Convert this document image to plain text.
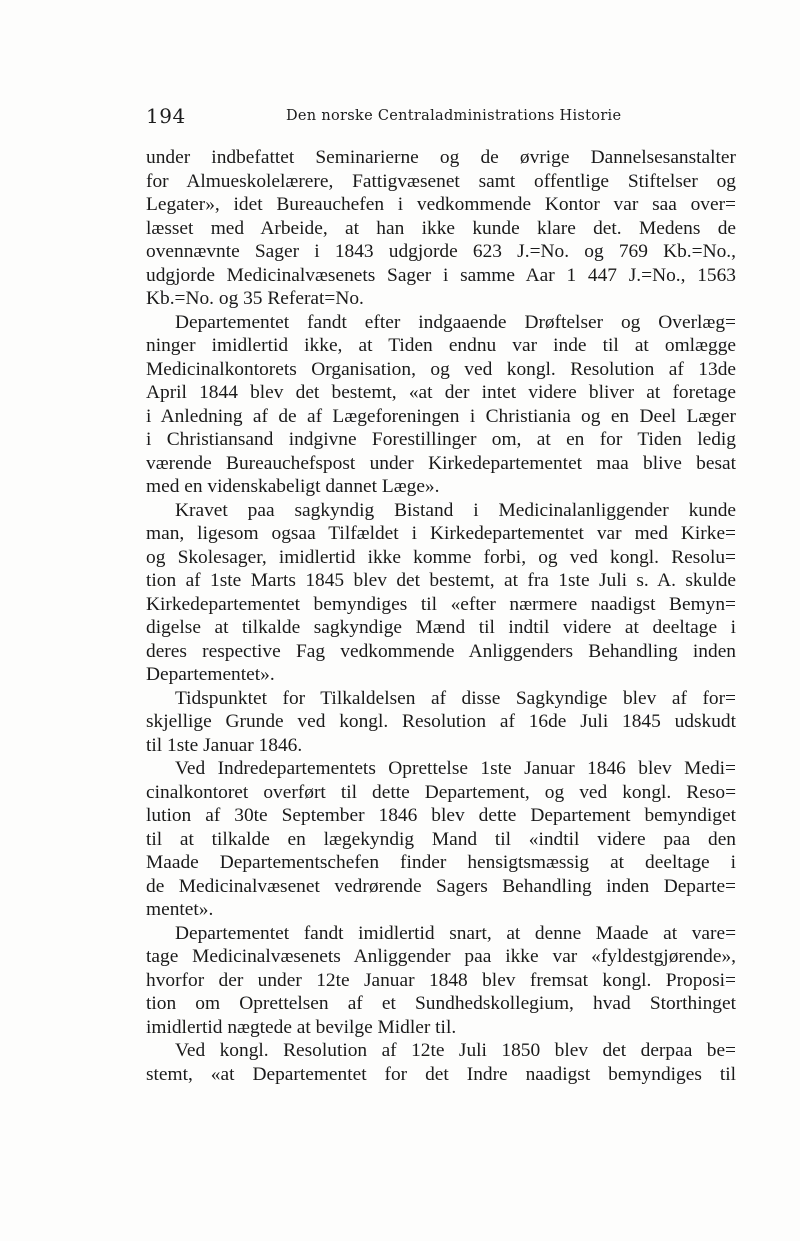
194	Den norske Centraladministrations Historie
under indbefattet Seminarierne og de øvrige Dannelsesanstalter
for Almueskolelærere, Fattigvæsenet samt offentlige Stiftelser og
Legater», idet Bureauchefen i vedkommende Kontor var saa over=
læsset med Arbeide, at han ikke kunde klare det. Medens de
ovennævnte Sager i 1843 udgjorde 623 J.=No. og 769 Kb.=No.,
udgjorde Medicinalvæsenets Sager i samme Aar 1 447 J.=No., 1563
Kb.=No. og 35 Referat=No.
Departementet fandt efter indgaaende Drøftelser og Overlæg=
ninger imidlertid ikke, at Tiden endnu var inde til at omlægge
Medicinalkontorets Organisation, og ved kongl. Resolution af 13de
April 1844 blev det bestemt, «at der intet videre bliver at foretage
i Anledning af de af Lægeforeningen i Christiania og en Deel Læger
i Christiansand indgivne Forestillinger om, at en for Tiden ledig
værende Bureauchefspost under Kirkedepartementet maa blive besat
med en videnskabeligt dannet Læge».
Kravet paa sagkyndig Bistand i Medicinalanliggender kunde
man, ligesom ogsaa Tilfældet i Kirkedepartementet var med Kirke=
og Skolesager, imidlertid ikke komme forbi, og ved kongl. Resolu=
tion af 1ste Marts 1845 blev det bestemt, at fra 1ste Juli s. A. skulde
Kirkedepartementet bemyndiges til «efter nærmere naadigst Bemyn=
digelse at tilkalde sagkyndige Mænd til indtil videre at deeltage i
deres respective Fag vedkommende Anliggenders Behandling inden
Departementet».
Tidspunktet for Tilkaldelsen af disse Sagkyndige blev af for=
skjellige Grunde ved kongl. Resolution af 16de Juli 1845 udskudt
til 1ste Januar 1846.
Ved Indredepartementets Oprettelse 1ste Januar 1846 blev Medi=
cinalkontoret overført til dette Departement, og ved kongl. Reso=
lution af 30te September 1846 blev dette Departement bemyndiget
til at tilkalde en lægekyndig Mand til «indtil videre paa den
Maade Departementschefen finder hensigtsmæssig at deeltage i
de Medicinalvæsenet vedrørende Sagers Behandling inden Departe=
mentet».
Departementet fandt imidlertid snart, at denne Maade at vare=
tage Medicinalvæsenets Anliggender paa ikke var «fyldestgjørende»,
hvorfor der under 12te Januar 1848 blev fremsat kongl. Proposi=
tion om Oprettelsen af et Sundhedskollegium, hvad Storthinget
imidlertid nægtede at bevilge Midler til.
Ved kongl. Resolution af 12te Juli 1850 blev det derpaa be=
stemt, «at Departementet for det Indre naadigst bemyndiges til
